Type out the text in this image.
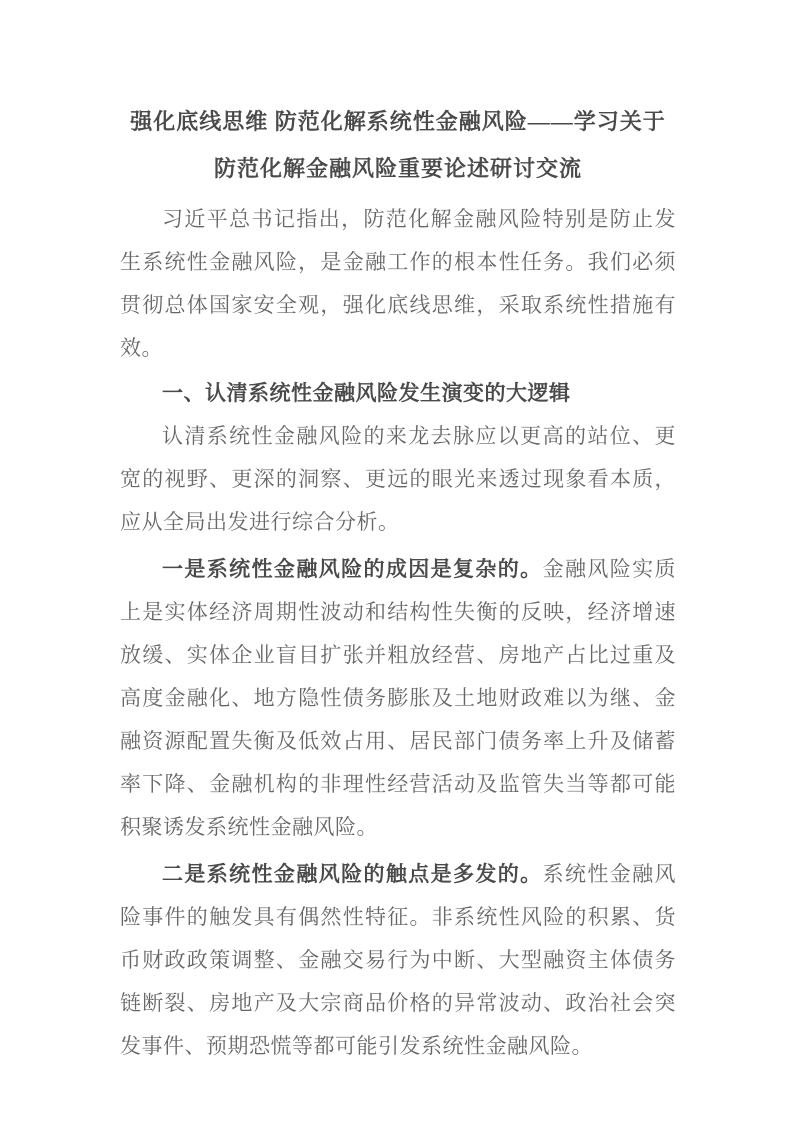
强化底线思维 防范化解系统性金融风险——学习关于防范化解金融风险重要论述研讨交流

习近平总书记指出，防范化解金融风险特别是防止发生系统性金融风险，是金融工作的根本性任务。我们必须贯彻总体国家安全观，强化底线思维，采取系统性措施有效。

一、认清系统性金融风险发生演变的大逻辑

认清系统性金融风险的来龙去脉应以更高的站位、更宽的视野、更深的洞察、更远的眼光来透过现象看本质，应从全局出发进行综合分析。

一是系统性金融风险的成因是复杂的。金融风险实质上是实体经济周期性波动和结构性失衡的反映，经济增速放缓、实体企业盲目扩张并粗放经营、房地产占比过重及高度金融化、地方隐性债务膨胀及土地财政难以为继、金融资源配置失衡及低效占用、居民部门债务率上升及储蓄率下降、金融机构的非理性经营活动及监管失当等都可能积聚诱发系统性金融风险。

二是系统性金融风险的触点是多发的。系统性金融风险事件的触发具有偶然性特征。非系统性风险的积累、货币财政政策调整、金融交易行为中断、大型融资主体债务链断裂、房地产及大宗商品价格的异常波动、政治社会突发事件、预期恐慌等都可能引发系统性金融风险。
